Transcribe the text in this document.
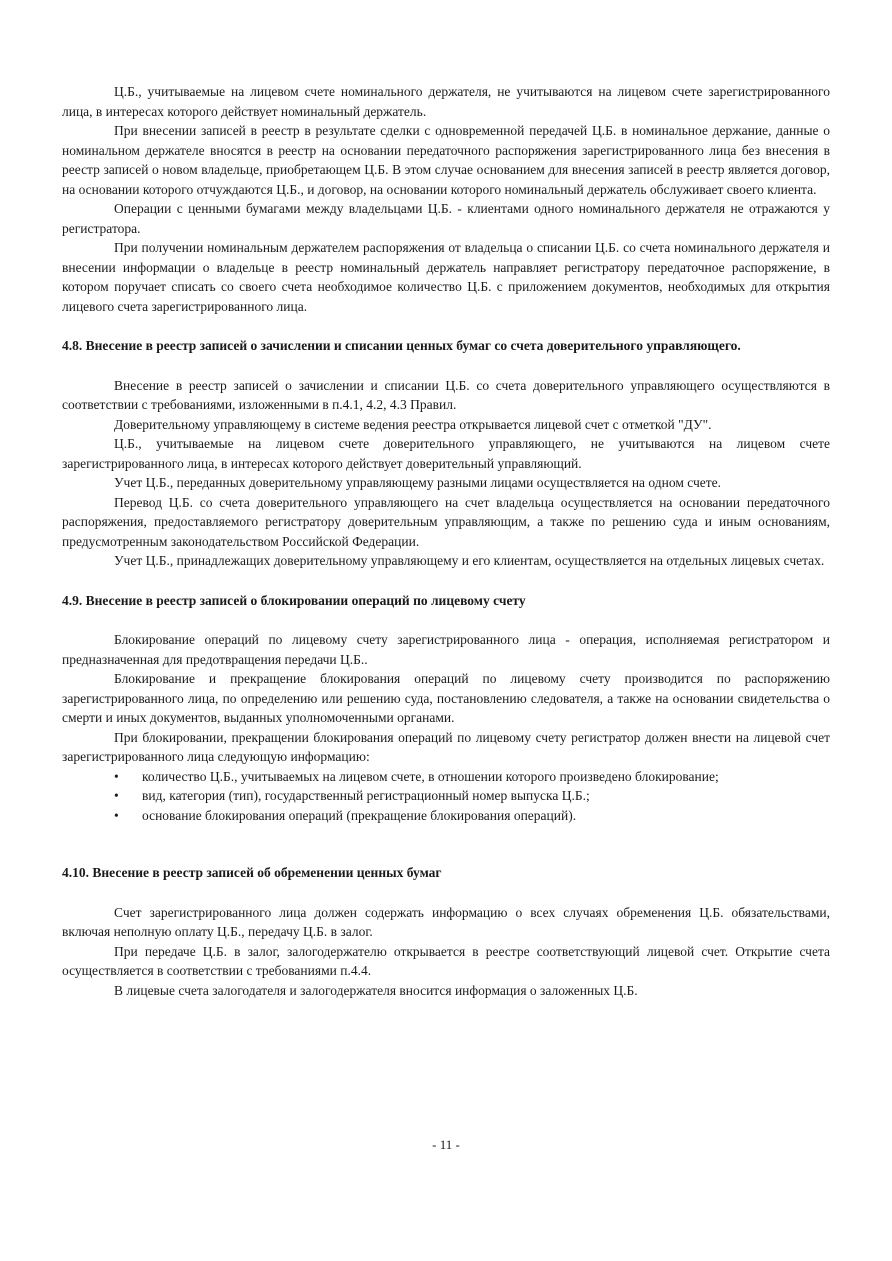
Ц.Б., учитываемые на лицевом счете номинального держателя, не учитываются на лицевом счете зарегистрированного лица, в интересах которого действует номинальный держатель.

При внесении записей в реестр в результате сделки с одновременной передачей Ц.Б. в номинальное держание, данные о номинальном держателе вносятся в реестр на основании передаточного распоряжения зарегистрированного лица без внесения в реестр записей о новом владельце, приобретающем Ц.Б. В этом случае основанием для внесения записей в реестр является договор, на основании которого отчуждаются Ц.Б., и договор, на основании которого номинальный держатель обслуживает своего клиента.

Операции с ценными бумагами между владельцами Ц.Б. - клиентами одного номинального держателя не отражаются у регистратора.

При получении номинальным держателем распоряжения от владельца о списании Ц.Б. со счета номинального держателя и внесении информации о владельце в реестр номинальный держатель направляет регистратору передаточное распоряжение, в котором поручает списать со своего счета необходимое количество Ц.Б. с приложением документов, необходимых для открытия лицевого счета зарегистрированного лица.

4.8. Внесение в реестр записей о зачислении и списании ценных бумаг со счета доверительного управляющего.

Внесение в реестр записей о зачислении и списании Ц.Б. со счета доверительного управляющего осуществляются в соответствии с требованиями, изложенными в п.4.1, 4.2, 4.3 Правил.

Доверительному управляющему в системе ведения реестра открывается лицевой счет с отметкой "ДУ".

Ц.Б., учитываемые на лицевом счете доверительного управляющего, не учитываются на лицевом счете зарегистрированного лица, в интересах которого действует доверительный управляющий.

Учет Ц.Б., переданных доверительному управляющему разными лицами осуществляется на одном счете.

Перевод Ц.Б. со счета доверительного управляющего на счет владельца осуществляется на основании передаточного распоряжения, предоставляемого регистратору доверительным управляющим, а также по решению суда и иным основаниям, предусмотренным законодательством Российской Федерации.

Учет Ц.Б., принадлежащих доверительному управляющему и его клиентам, осуществляется на отдельных лицевых счетах.

4.9. Внесение в реестр записей о блокировании операций по лицевому счету

Блокирование операций по лицевому счету зарегистрированного лица - операция, исполняемая регистратором и предназначенная для предотвращения передачи Ц.Б..

Блокирование и прекращение блокирования операций по лицевому счету производится по распоряжению зарегистрированного лица, по определению или решению суда, постановлению следователя, а также на основании свидетельства о смерти и иных документов, выданных уполномоченными органами.

При блокировании, прекращении блокирования операций по лицевому счету регистратор должен внести на лицевой счет зарегистрированного лица следующую информацию:

• количество Ц.Б., учитываемых на лицевом счете, в отношении которого произведено блокирование;
• вид, категория (тип), государственный регистрационный номер выпуска Ц.Б.;
• основание блокирования операций (прекращение блокирования операций).

4.10. Внесение в реестр записей об обременении ценных бумаг

Счет зарегистрированного лица должен содержать информацию о всех случаях обременения Ц.Б. обязательствами, включая неполную оплату Ц.Б., передачу Ц.Б. в залог.

При передаче Ц.Б. в залог, залогодержателю открывается в реестре соответствующий лицевой счет. Открытие счета осуществляется в соответствии с требованиями п.4.4.

В лицевые счета залогодателя и залогодержателя вносится информация о заложенных Ц.Б.

- 11 -
